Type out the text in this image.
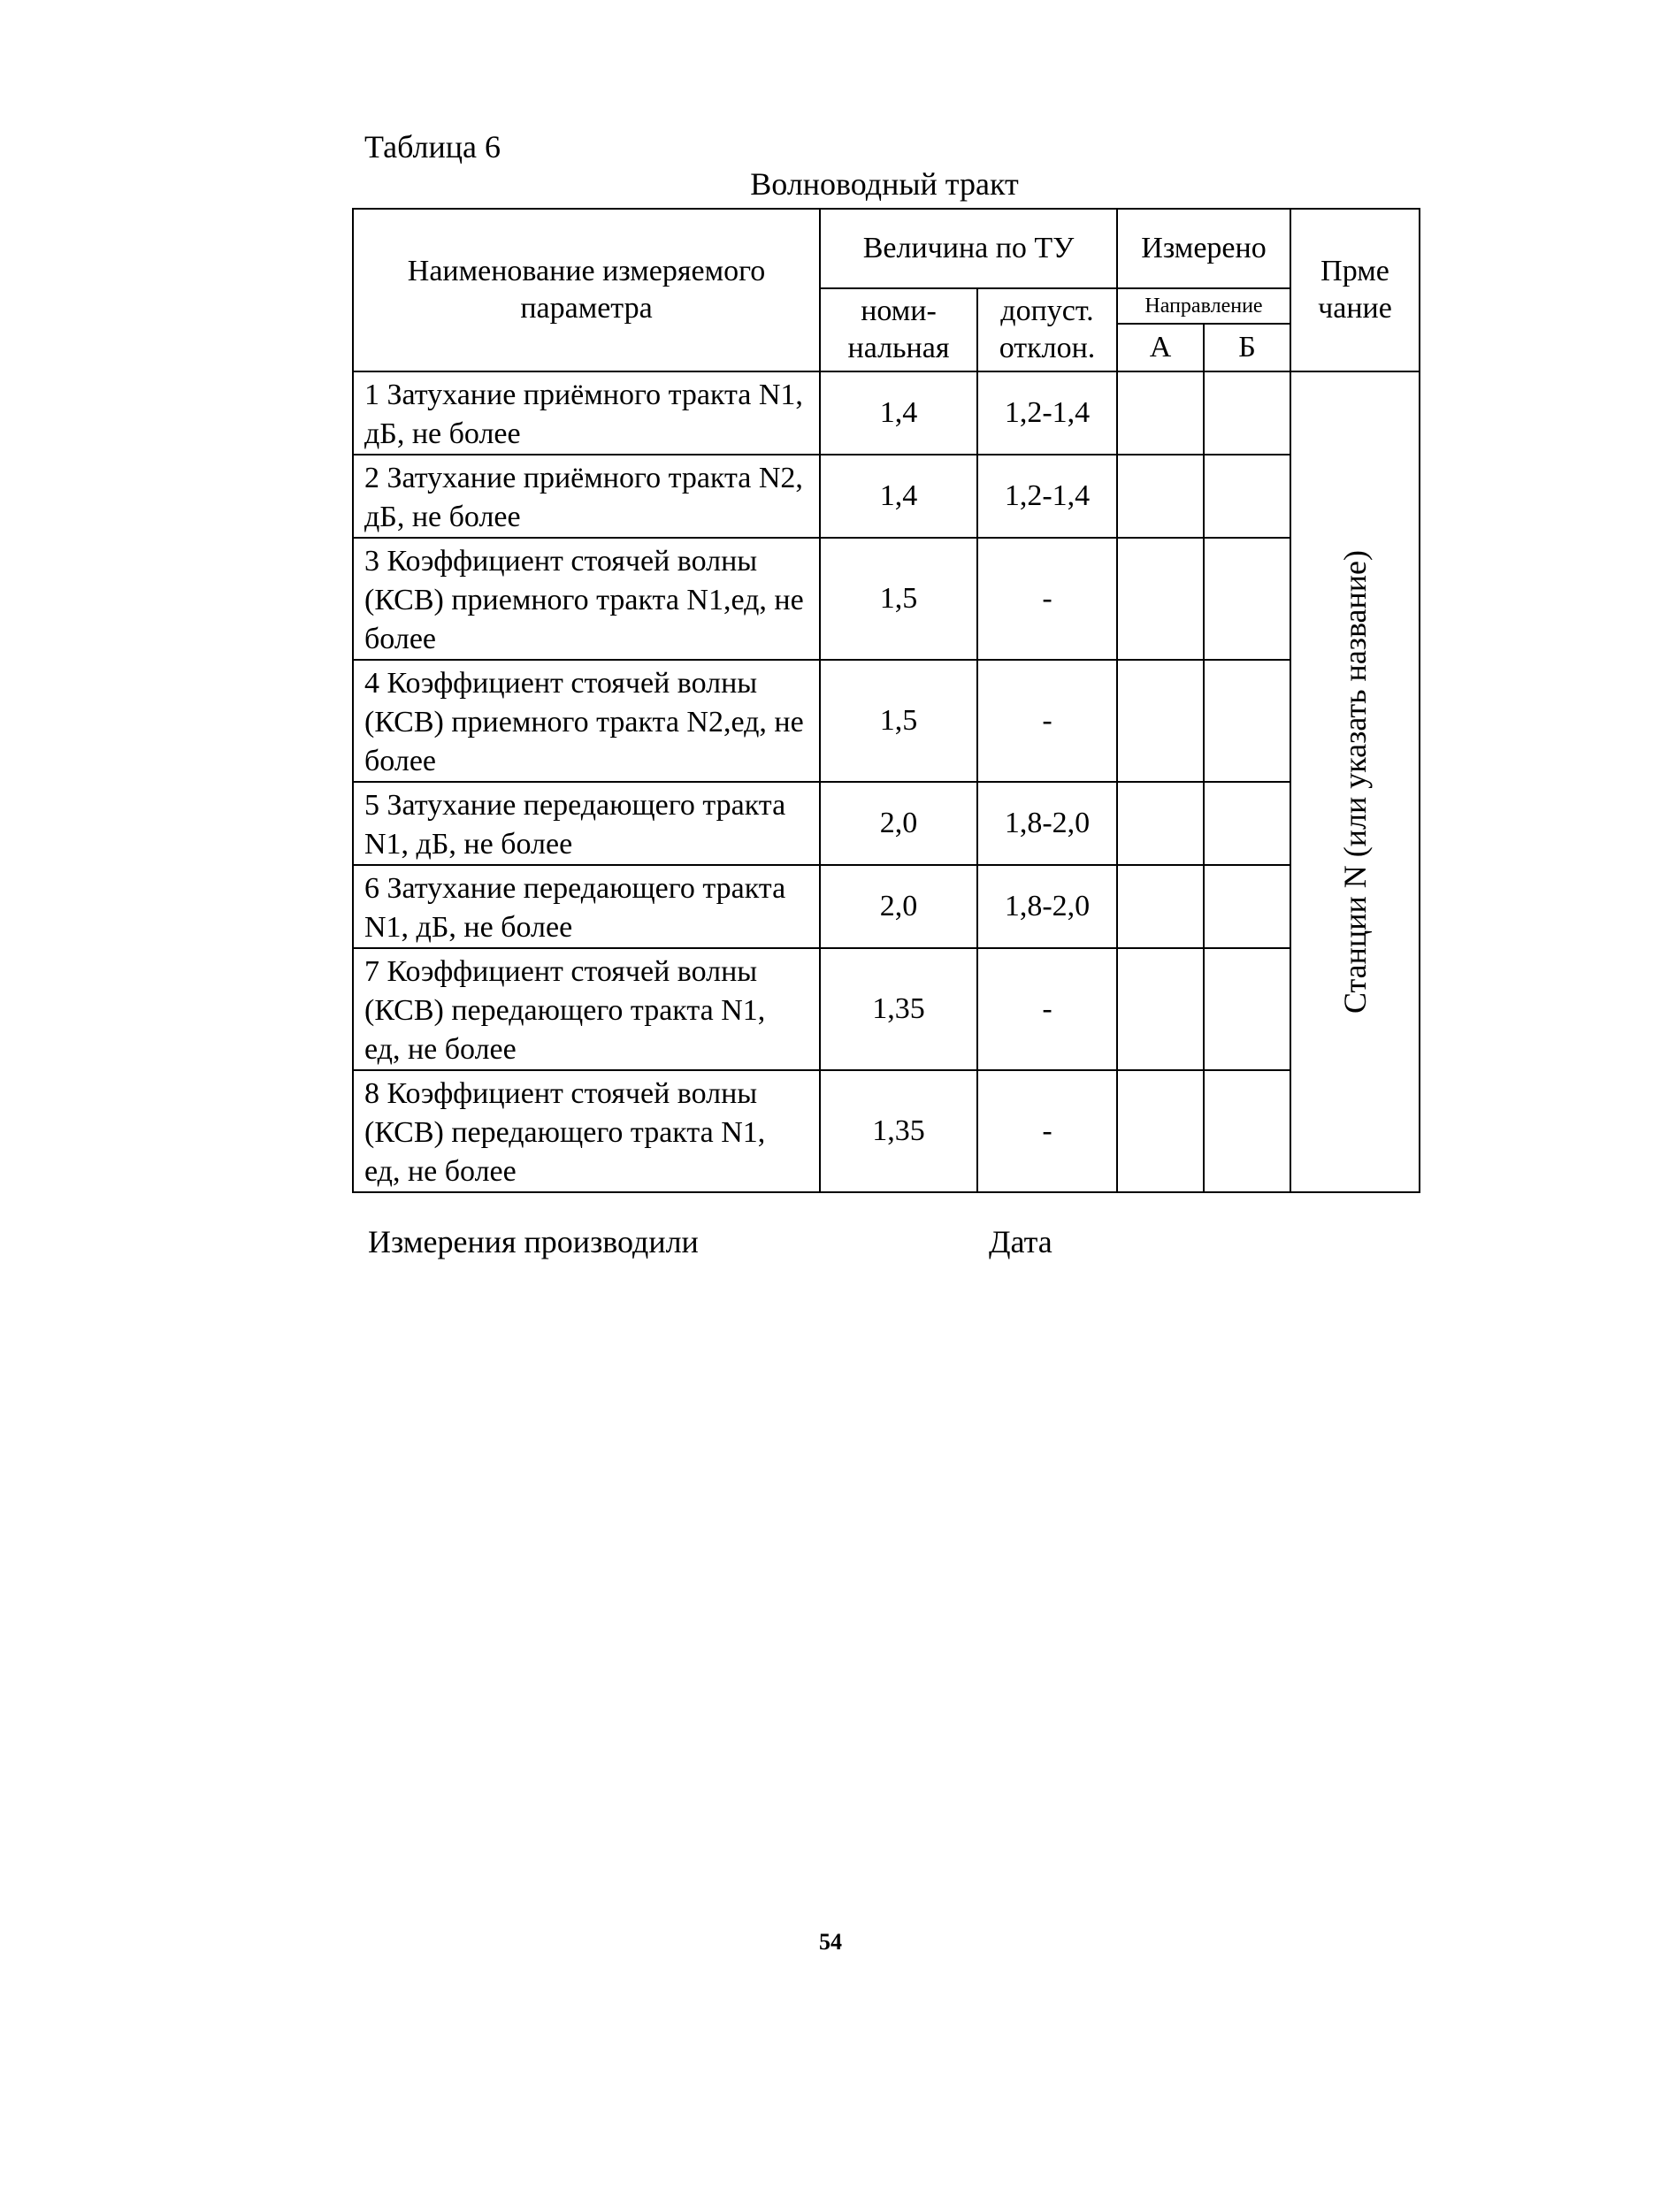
Таблица 6
Волноводный тракт
Наименование измеряемого параметра	Величина по ТУ		Измерено		Прме чание
	номи-нальная	допуст. отклон.	Направление		
			А	Б	
1 Затухание приёмного тракта N1, дБ, не более	1,4	1,2-1,4			Станции N (или указать название)

2 Затухание приёмного тракта N2, дБ, не более	1,4	1,2-1,4			
3 Коэффициент стоячей волны (КСВ) приемного тракта N1,ед, не более	1,5	-			
4 Коэффициент стоячей волны (КСВ) приемного тракта N2,ед, не более	1,5	-			
5 Затухание передающего тракта N1, дБ, не более	2,0	1,8-2,0			
6 Затухание передающего тракта N1, дБ, не более	2,0	1,8-2,0			
7 Коэффициент стоячей волны (КСВ) передающего тракта N1, ед, не более	1,35	-			
8 Коэффициент стоячей волны (КСВ) передающего тракта N1, ед, не более	1,35	-			
Измерения производили	Дата
54
